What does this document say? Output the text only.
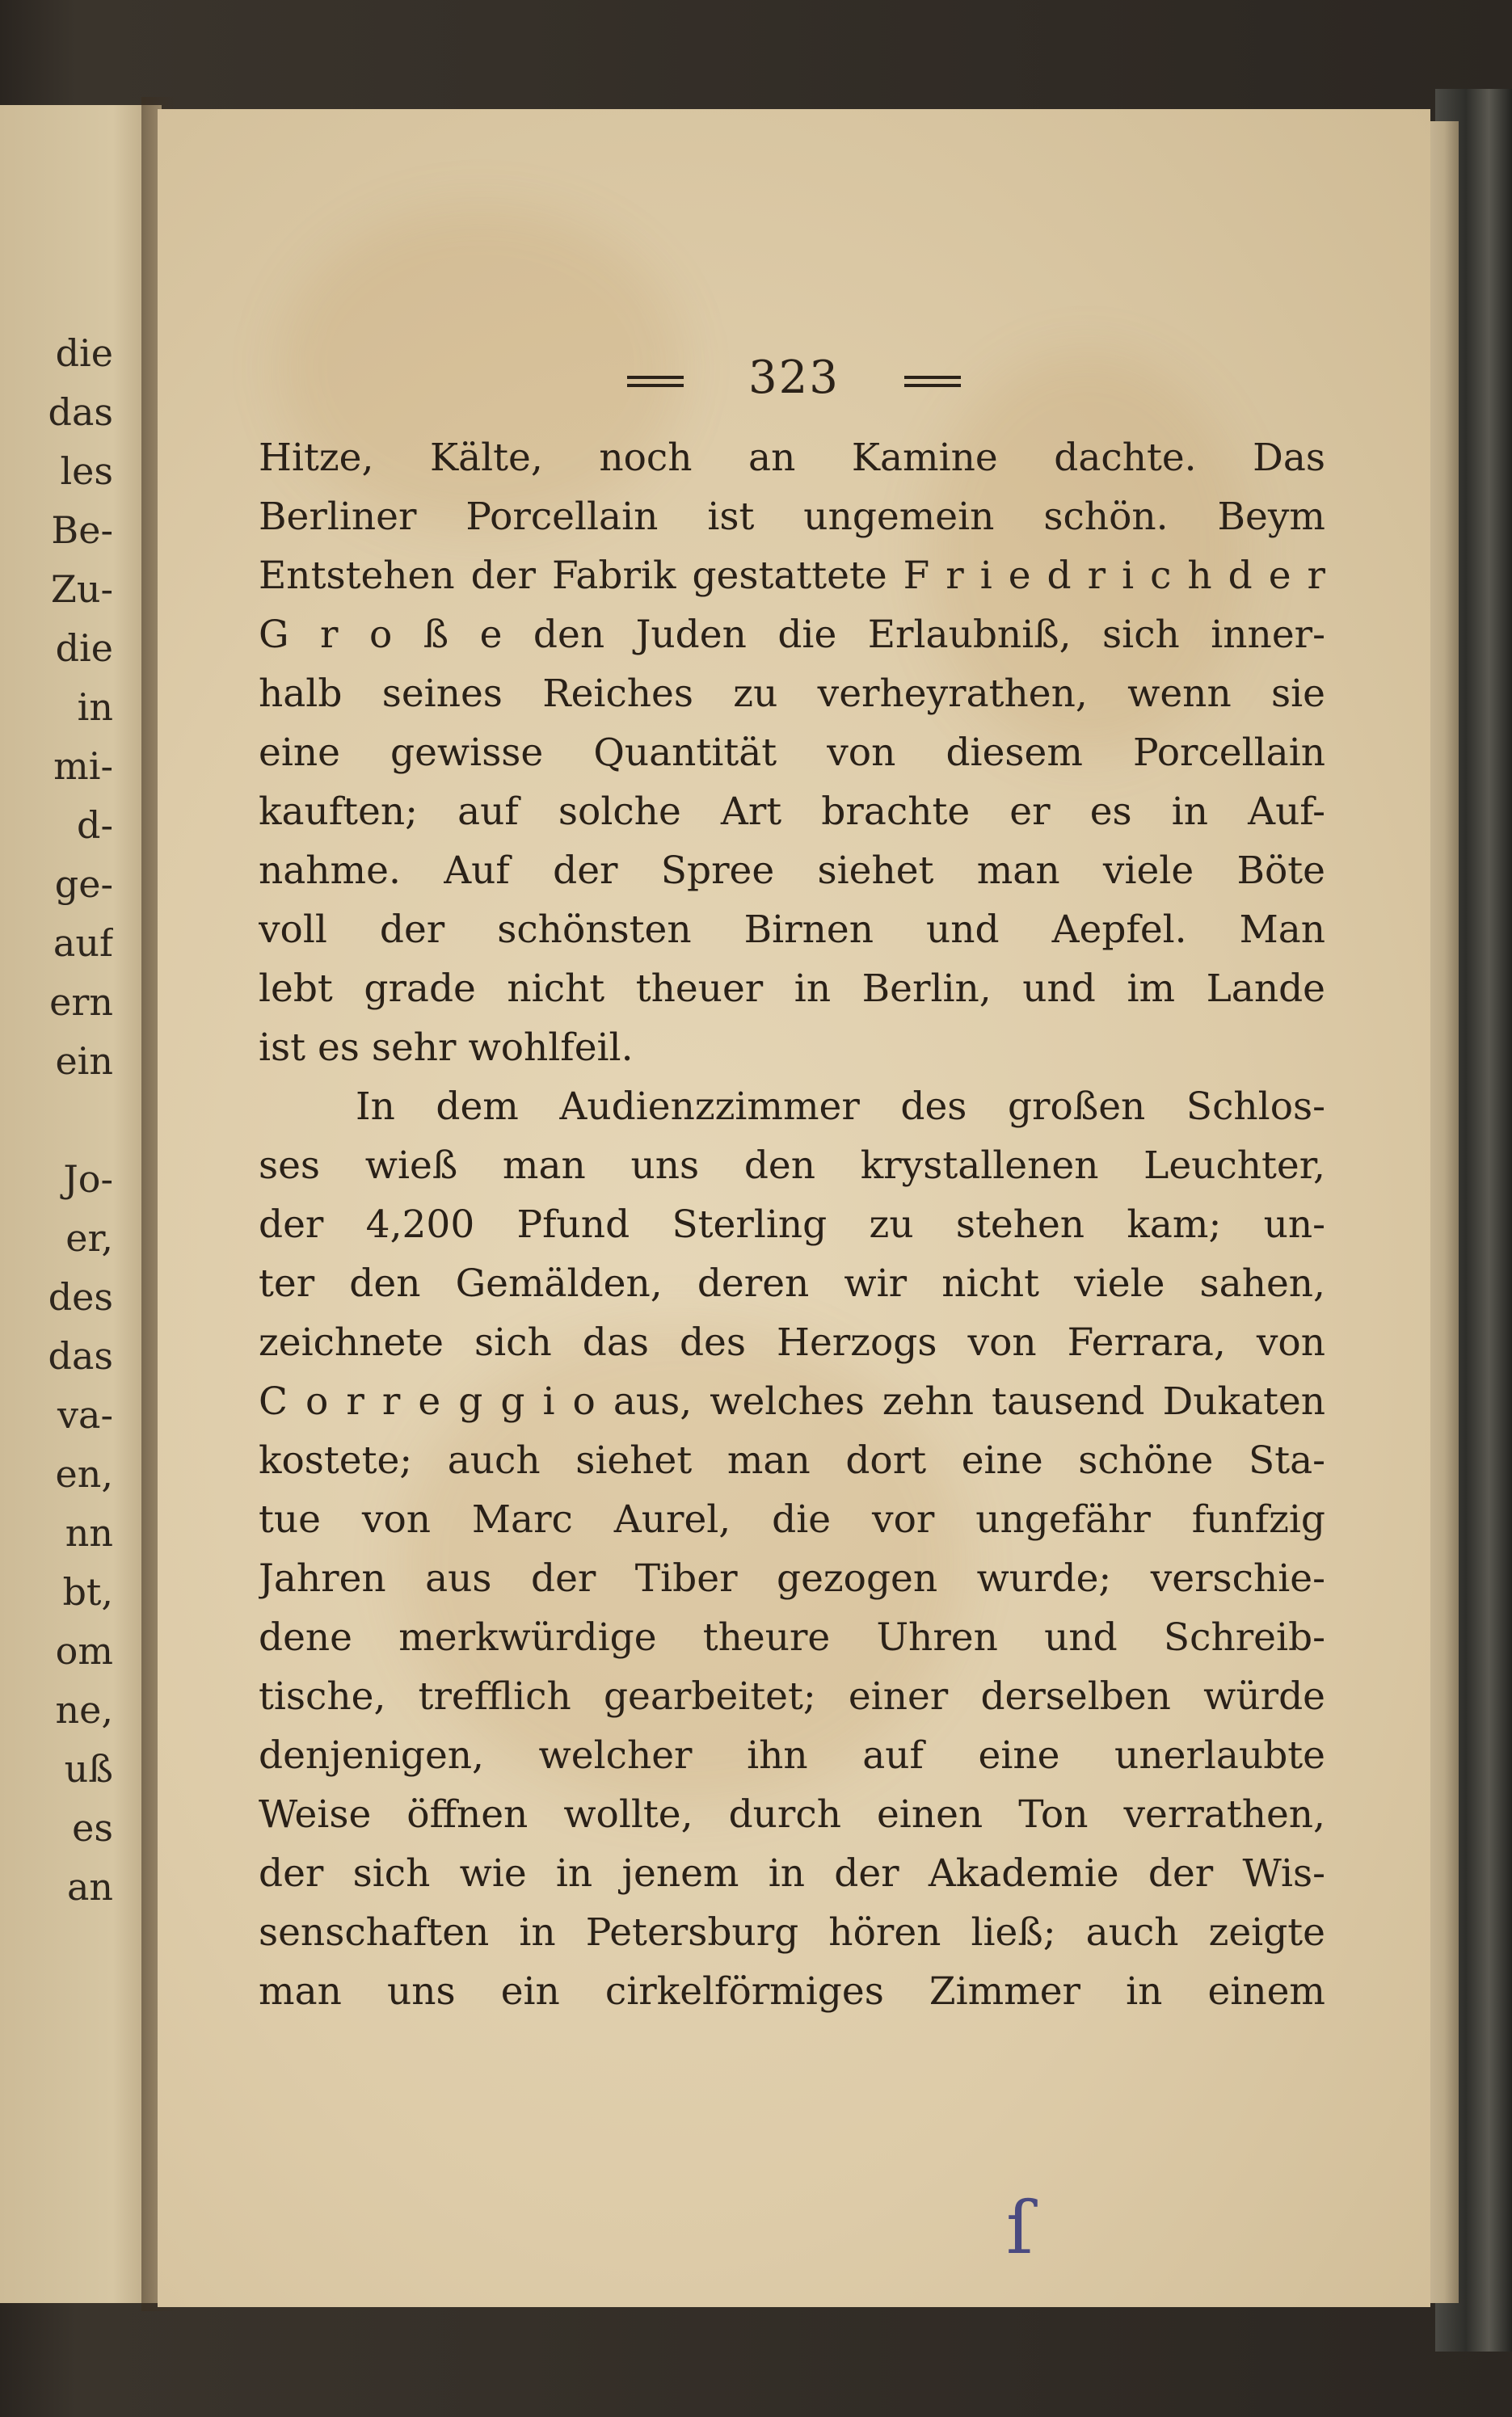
die
das
les
Be-
Zu-
die
in
mi-
d-
ge-
auf
ern
ein
Jo-
er,
des
das
va-
en,
nn
bt,
om
ne,
uß
es
an
323
Hitze, Kälte, noch an Kamine dachte. Das
Berliner Porcellain ist ungemein schön. Beym
Entstehen der Fabrik gestattete F r i e d r i c h d e r
G r o ß e den Juden die Erlaubniß, sich inner-
halb seines Reiches zu verheyrathen, wenn sie
eine gewisse Quantität von diesem Porcellain
kauften; auf solche Art brachte er es in Auf-
nahme. Auf der Spree siehet man viele Böte
voll der schönsten Birnen und Aepfel. Man
lebt grade nicht theuer in Berlin, und im Lande
ist es sehr wohlfeil.
In dem Audienzzimmer des großen Schlos-
ses wieß man uns den krystallenen Leuchter,
der 4,200 Pfund Sterling zu stehen kam; un-
ter den Gemälden, deren wir nicht viele sahen,
zeichnete sich das des Herzogs von Ferrara, von
C o r r e g g i o aus, welches zehn tausend Dukaten
kostete; auch siehet man dort eine schöne Sta-
tue von Marc Aurel, die vor ungefähr funfzig
Jahren aus der Tiber gezogen wurde; verschie-
dene merkwürdige theure Uhren und Schreib-
tische, trefflich gearbeitet; einer derselben würde
denjenigen, welcher ihn auf eine unerlaubte
Weise öffnen wollte, durch einen Ton verrathen,
der sich wie in jenem in der Akademie der Wis-
senschaften in Petersburg hören ließ; auch zeigte
man uns ein cirkelförmiges Zimmer in einem
ſ
